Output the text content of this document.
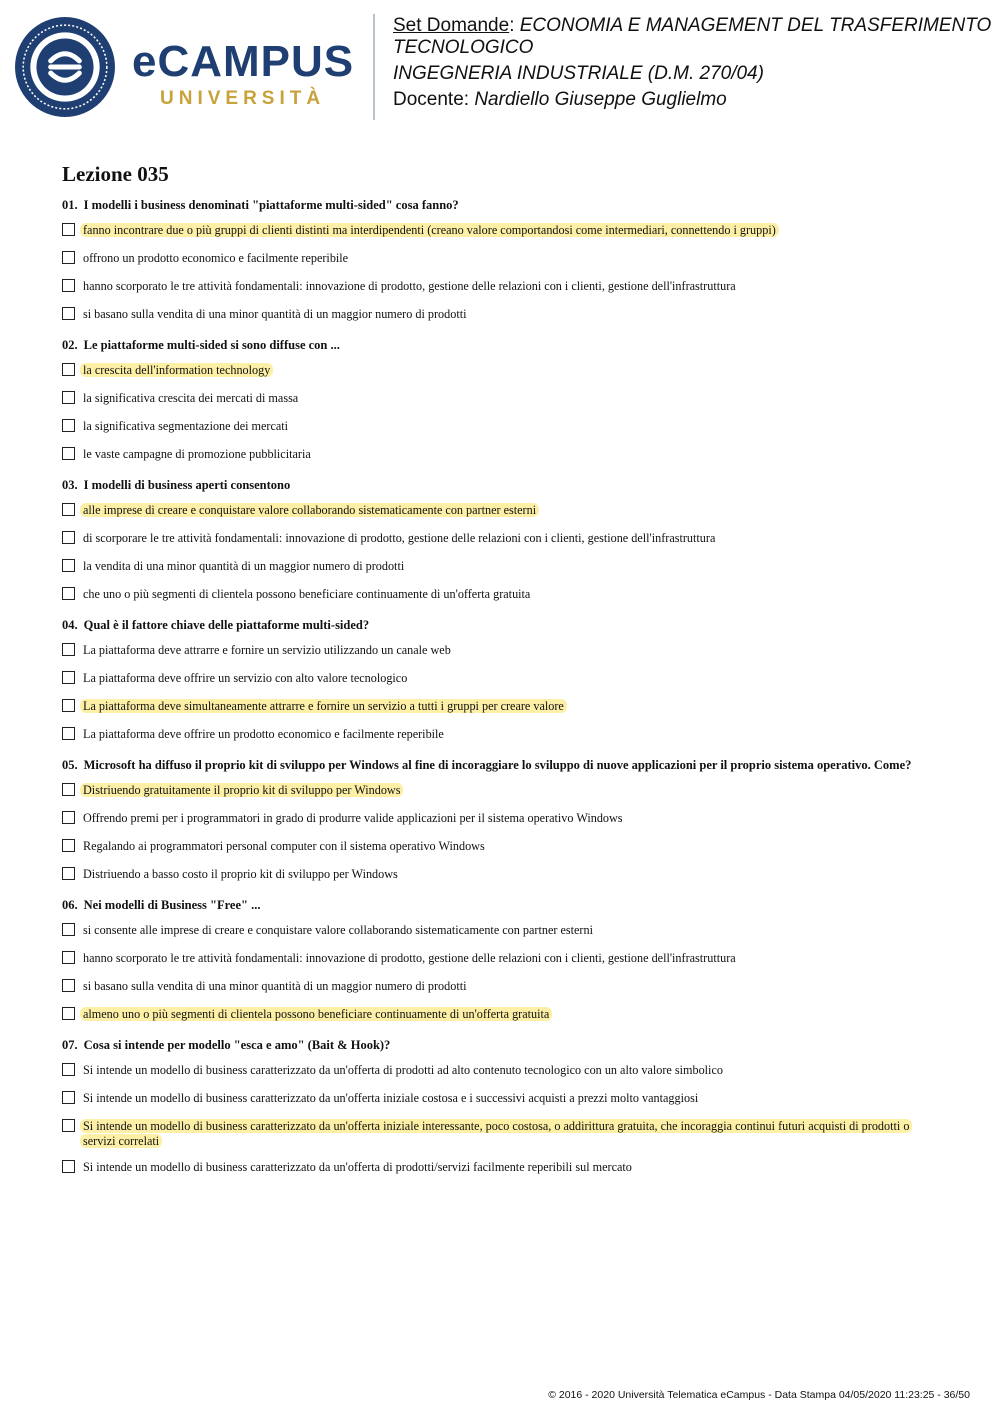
eCAMPUS
UNIVERSITÀ
Set Domande: ECONOMIA E MANAGEMENT DEL TRASFERIMENTO TECNOLOGICO
INGEGNERIA INDUSTRIALE (D.M. 270/04)
Docente: Nardiello Giuseppe Guglielmo
Lezione 035
01. I modelli i business denominati "piattaforme multi-sided" cosa fanno?
fanno incontrare due o più gruppi di clienti distinti ma interdipendenti (creano valore comportandosi come intermediari, connettendo i gruppi)
offrono un prodotto economico e facilmente reperibile
hanno scorporato le tre attività fondamentali: innovazione di prodotto, gestione delle relazioni con i clienti, gestione dell'infrastruttura
si basano sulla vendita di una minor quantità di un maggior numero di prodotti
02. Le piattaforme multi-sided si sono diffuse con ...
la crescita dell'information technology
la significativa crescita dei mercati di massa
la significativa segmentazione dei mercati
le vaste campagne di promozione pubblicitaria
03. I modelli di business aperti consentono
alle imprese di creare e conquistare valore collaborando sistematicamente con partner esterni
di scorporare le tre attività fondamentali: innovazione di prodotto, gestione delle relazioni con i clienti, gestione dell'infrastruttura
la vendita di una minor quantità di un maggior numero di prodotti
che uno o più segmenti di clientela possono beneficiare continuamente di un'offerta gratuita
04. Qual è il fattore chiave delle piattaforme multi-sided?
La piattaforma deve attrarre e fornire un servizio utilizzando un canale web
La piattaforma deve offrire un servizio con alto valore tecnologico
La piattaforma deve simultaneamente attrarre e fornire un servizio a tutti i gruppi per creare valore
La piattaforma deve offrire un prodotto economico e facilmente reperibile
05. Microsoft ha diffuso il proprio kit di sviluppo per Windows al fine di incoraggiare lo sviluppo di nuove applicazioni per il proprio sistema operativo. Come?
Distriuendo gratuitamente il proprio kit di sviluppo per Windows
Offrendo premi per i programmatori in grado di produrre valide applicazioni per il sistema operativo Windows
Regalando ai programmatori personal computer con il sistema operativo Windows
Distriuendo a basso costo il proprio kit di sviluppo per Windows
06. Nei modelli di Business "Free" ...
si consente alle imprese di creare e conquistare valore collaborando sistematicamente con partner esterni
hanno scorporato le tre attività fondamentali: innovazione di prodotto, gestione delle relazioni con i clienti, gestione dell'infrastruttura
si basano sulla vendita di una minor quantità di un maggior numero di prodotti
almeno uno o più segmenti di clientela possono beneficiare continuamente di un'offerta gratuita
07. Cosa si intende per modello "esca e amo" (Bait & Hook)?
Si intende un modello di business caratterizzato da un'offerta di prodotti ad alto contenuto tecnologico con un alto valore simbolico
Si intende un modello di business caratterizzato da un'offerta iniziale costosa e i successivi acquisti a prezzi molto vantaggiosi
Si intende un modello di business caratterizzato da un'offerta iniziale interessante, poco costosa, o addirittura gratuita, che incoraggia continui futuri acquisti di prodotti o servizi correlati
Si intende un modello di business caratterizzato da un'offerta di prodotti/servizi facilmente reperibili sul mercato
© 2016 - 2020 Università Telematica eCampus - Data Stampa 04/05/2020 11:23:25 - 36/50
